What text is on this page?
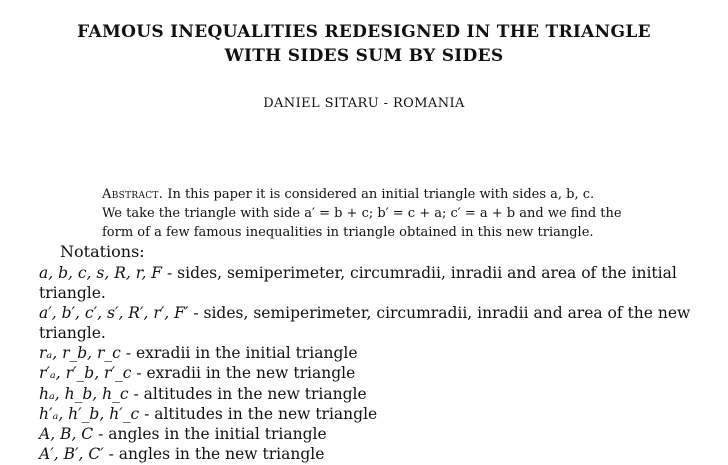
FAMOUS INEQUALITIES REDESIGNED IN THE TRIANGLE
WITH SIDES SUM BY SIDES
DANIEL SITARU - ROMANIA
Abstract. In this paper it is considered an initial triangle with sides a, b, c.
We take the triangle with side a′ = b + c; b′ = c + a; c′ = a + b and we find the
form of a few famous inequalities in triangle obtained in this new triangle.
Notations:
a, b, c, s, R, r, F - sides, semiperimeter, circumradii, inradii and area of the initial
triangle.
a′, b′, c′, s′, R′, r′, F′ - sides, semiperimeter, circumradii, inradii and area of the new
triangle.
rₐ, r_b, r_c - exradii in the initial triangle
r′ₐ, r′_b, r′_c - exradii in the new triangle
hₐ, h_b, h_c - altitudes in the new triangle
h′ₐ, h′_b, h′_c - altitudes in the new triangle
A, B, C - angles in the initial triangle
A′, B′, C′ - angles in the new triangle
